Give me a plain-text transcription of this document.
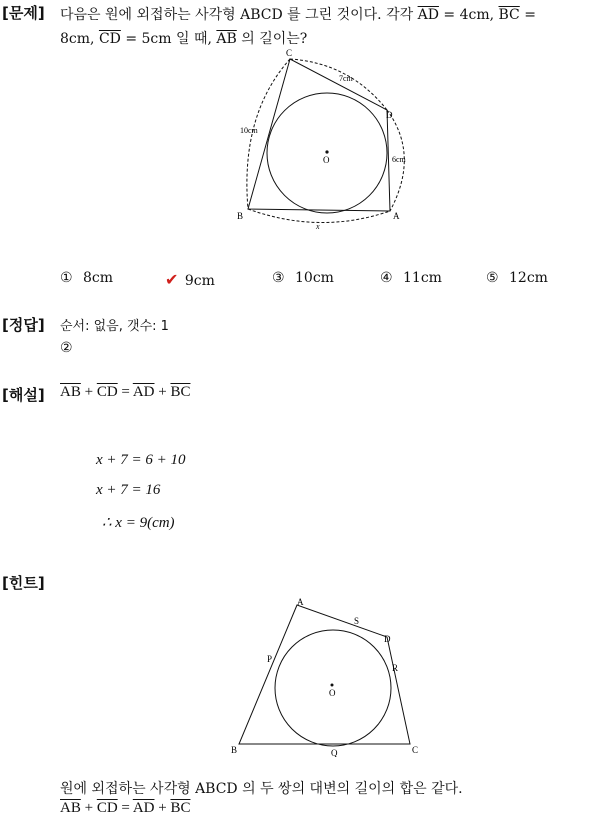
[문제] 다음은 원에 외접하는 사각형 ABCD 를 그린 것이다. 각각 $\overline{AD} = 4cm$, $\overline{BC}$ =
8cm, $\overline{CD} = 5cm$ 일 때, $\overline{AB}$ 의 길이는?
C
D
B	A
O
7cm
10cm
6cm
x
① 8cm	✔ 9cm	③ 10cm	④ 11cm	⑤ 12cm
[정답] 순서: 없음, 갯수: 1
②
[해설] $\overline{AB} + \overline{CD} = \overline{AD} + \overline{BC}$
x + 7 = 6 + 10
x + 7 = 16
∴ x = 9(cm)
[힌트]
A
S
D
P
R
O
B	Q	C
원에 외접하는 사각형 ABCD 의 두 쌍의 대변의 길이의 합은 같다.
$\overline{AB} + \overline{CD} = \overline{AD} + \overline{BC}$
